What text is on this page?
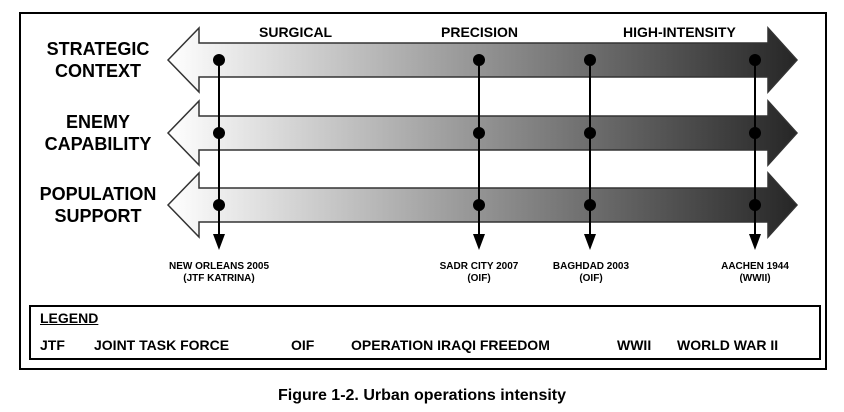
SURGICAL	PRECISION	HIGH-INTENSITY
STRATEGIC
CONTEXT
ENEMY
CAPABILITY
POPULATION
SUPPORT
NEW ORLEANS 2005
(JTF KATRINA)
SADR CITY 2007
(OIF)
BAGHDAD 2003
(OIF)
AACHEN 1944
(WWII)
LEGEND
JTF JOINT TASK FORCE	OIF	OPERATION IRAQI FREEDOM	WWII WORLD WAR II
Figure 1-2. Urban operations intensity
